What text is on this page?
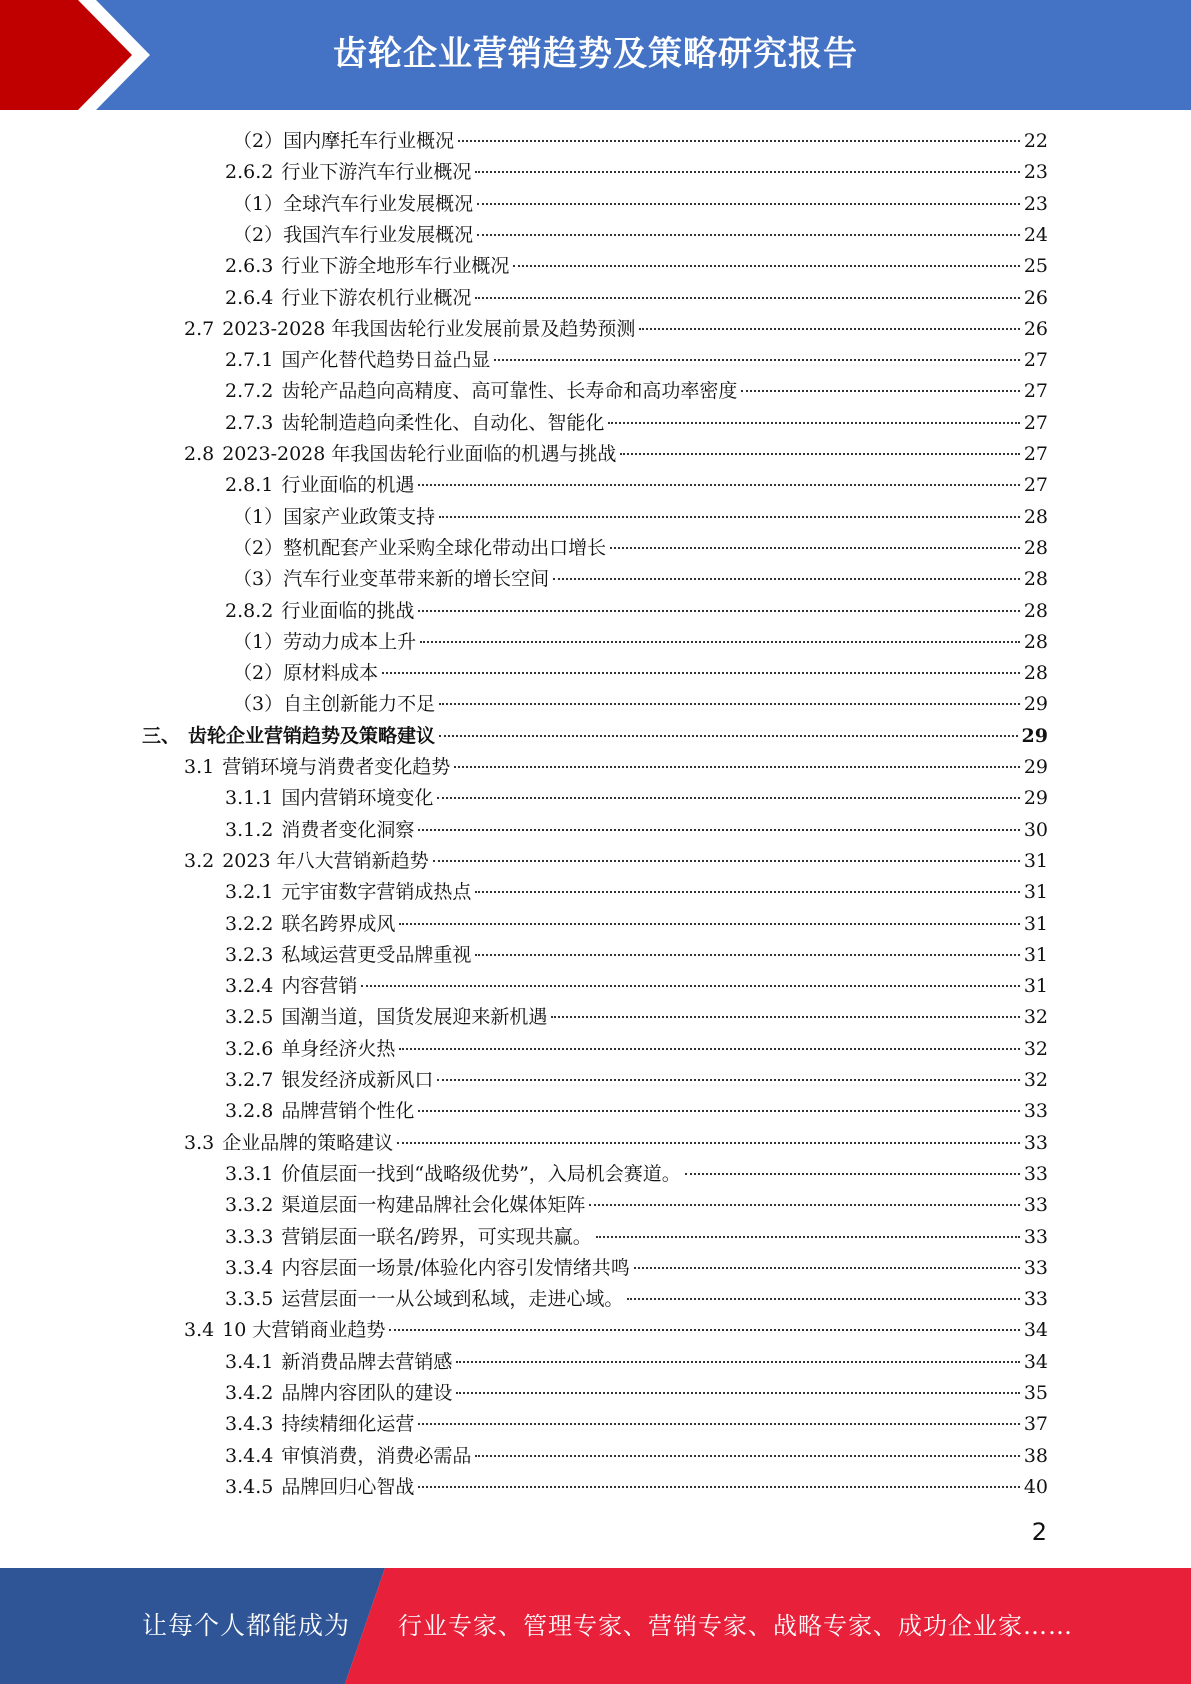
齿轮企业营销趋势及策略研究报告
（2） 国内摩托车行业概况	22
2.6.2 行业下游汽车行业概况	23
（1） 全球汽车行业发展概况	23
（2） 我国汽车行业发展概况	24
2.6.3 行业下游全地形车行业概况	25
2.6.4 行业下游农机行业概况	26
2.7 2023-2028 年我国齿轮行业发展前景及趋势预测	26
2.7.1 国产化替代趋势日益凸显	27
2.7.2 齿轮产品趋向高精度、高可靠性、长寿命和高功率密度	27
2.7.3 齿轮制造趋向柔性化、自动化、智能化	27
2.8 2023-2028 年我国齿轮行业面临的机遇与挑战	27
2.8.1 行业面临的机遇	27
（1） 国家产业政策支持	28
（2） 整机配套产业采购全球化带动出口增长	28
（3） 汽车行业变革带来新的增长空间	28
2.8.2 行业面临的挑战	28
（1） 劳动力成本上升	28
（2） 原材料成本	28
（3） 自主创新能力不足	29
三、 齿轮企业营销趋势及策略建议	29
3.1 营销环境与消费者变化趋势	29
3.1.1 国内营销环境变化	29
3.1.2 消费者变化洞察	30
3.2 2023 年八大营销新趋势	31
3.2.1 元宇宙数字营销成热点	31
3.2.2 联名跨界成风	31
3.2.3 私域运营更受品牌重视	31
3.2.4 内容营销	31
3.2.5 国潮当道，国货发展迎来新机遇	32
3.2.6 单身经济火热	32
3.2.7 银发经济成新风口	32
3.2.8 品牌营销个性化	33
3.3 企业品牌的策略建议	33
3.3.1 价值层面一找到“战略级优势”，入局机会赛道。	33
3.3.2 渠道层面一构建品牌社会化媒体矩阵	33
3.3.3 营销层面一联名/跨界，可实现共赢。	33
3.3.4 内容层面一场景/体验化内容引发情绪共鸣	33
3.3.5 运营层面一一从公域到私域，走进心域。	33
3.4 10 大营销商业趋势	34
3.4.1 新消费品牌去营销感	34
3.4.2 品牌内容团队的建设	35
3.4.3 持续精细化运营	37
3.4.4 审慎消费，消费必需品	38
3.4.5 品牌回归心智战	40
2
让每个人都能成为 行业专家、管理专家、营销专家、战略专家、成功企业家……
